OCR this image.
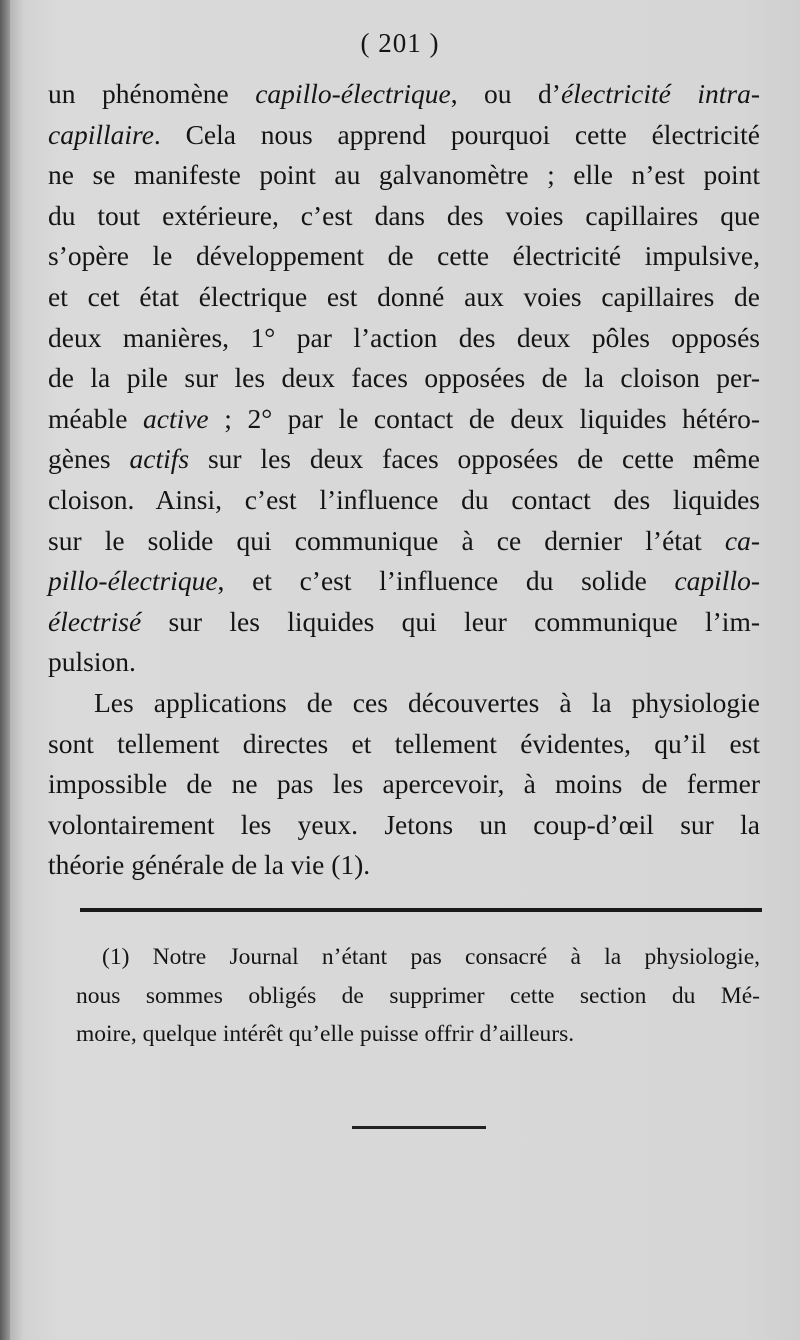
( 201 )
un phénomène capillo-électrique, ou d’électricité intra-
capillaire. Cela nous apprend pourquoi cette électricité
ne se manifeste point au galvanomètre ; elle n’est point
du tout extérieure, c’est dans des voies capillaires que
s’opère le développement de cette électricité impulsive,
et cet état électrique est donné aux voies capillaires de
deux manières, 1° par l’action des deux pôles opposés
de la pile sur les deux faces opposées de la cloison per-
méable active ; 2° par le contact de deux liquides hétéro-
gènes actifs sur les deux faces opposées de cette même
cloison. Ainsi, c’est l’influence du contact des liquides
sur le solide qui communique à ce dernier l’état ca-
pillo-électrique, et c’est l’influence du solide capillo-
électrisé sur les liquides qui leur communique l’im-
pulsion.
Les applications de ces découvertes à la physiologie
sont tellement directes et tellement évidentes, qu’il est
impossible de ne pas les apercevoir, à moins de fermer
volontairement les yeux. Jetons un coup-d’œil sur la
théorie générale de la vie (1).
(1) Notre Journal n’étant pas consacré à la physiologie,
nous sommes obligés de supprimer cette section du Mé-
moire, quelque intérêt qu’elle puisse offrir d’ailleurs.
